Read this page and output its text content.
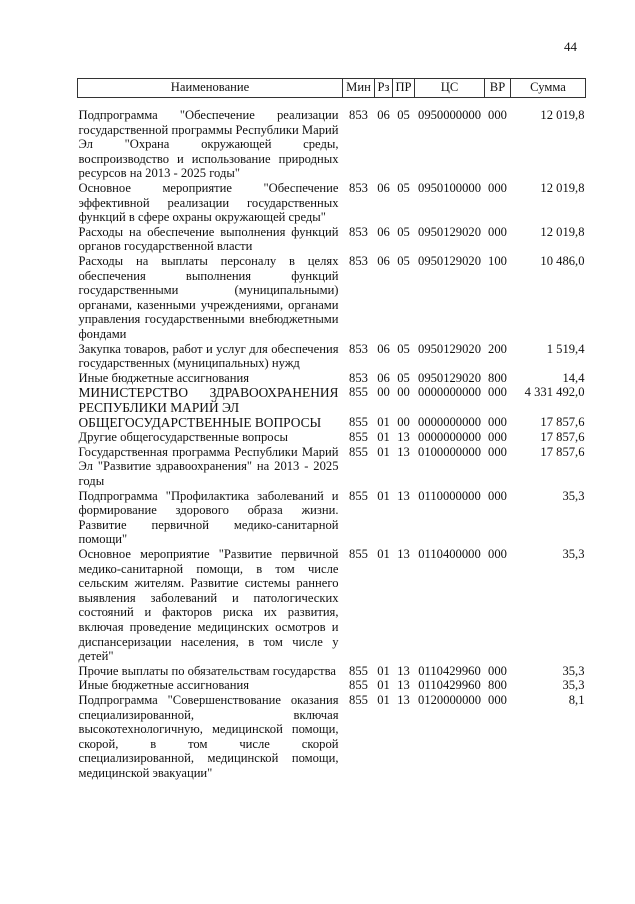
44
Наименование	Мин	Рз	ПР	ЦС	ВР	Сумма
Подпрограмма "Обеспечение реализации государственной программы Республики Марий Эл "Охрана окружающей среды, воспроизводство и использование природных ресурсов на 2013 - 2025 годы"	853	06	05	0950000000	000	12 019,8
Основное мероприятие "Обеспечение эффективной реализации государственных функций в сфере охраны окружающей среды"	853	06	05	0950100000	000	12 019,8
Расходы на обеспечение выполнения функций органов государственной власти	853	06	05	0950129020	000	12 019,8
Расходы на выплаты персоналу в целях обеспечения выполнения функций государственными (муниципальными) органами, казенными учреждениями, органами управления государственными внебюджетными фондами	853	06	05	0950129020	100	10 486,0
Закупка товаров, работ и услуг для обеспечения государственных (муниципальных) нужд	853	06	05	0950129020	200	1 519,4
Иные бюджетные ассигнования	853	06	05	0950129020	800	14,4
МИНИСТЕРСТВО ЗДРАВООХРАНЕНИЯ РЕСПУБЛИКИ МАРИЙ ЭЛ	855	00	00	0000000000	000	4 331 492,0
ОБЩЕГОСУДАРСТВЕННЫЕ ВОПРОСЫ	855	01	00	0000000000	000	17 857,6
Другие общегосударственные вопросы	855	01	13	0000000000	000	17 857,6
Государственная программа Республики Марий Эл "Развитие здравоохранения" на 2013 - 2025 годы	855	01	13	0100000000	000	17 857,6
Подпрограмма "Профилактика заболеваний и формирование здорового образа жизни. Развитие первичной медико-санитарной помощи"	855	01	13	0110000000	000	35,3
Основное мероприятие "Развитие первичной медико-санитарной помощи, в том числе сельским жителям. Развитие системы раннего выявления заболеваний и патологических состояний и факторов риска их развития, включая проведение медицинских осмотров и диспансеризации населения, в том числе у детей"	855	01	13	0110400000	000	35,3
Прочие выплаты по обязательствам государства	855	01	13	0110429960	000	35,3
Иные бюджетные ассигнования	855	01	13	0110429960	800	35,3
Подпрограмма "Совершенствование оказания специализированной, включая высокотехнологичную, медицинской помощи, скорой, в том числе скорой специализированной, медицинской помощи, медицинской эвакуации"	855	01	13	0120000000	000	8,1
